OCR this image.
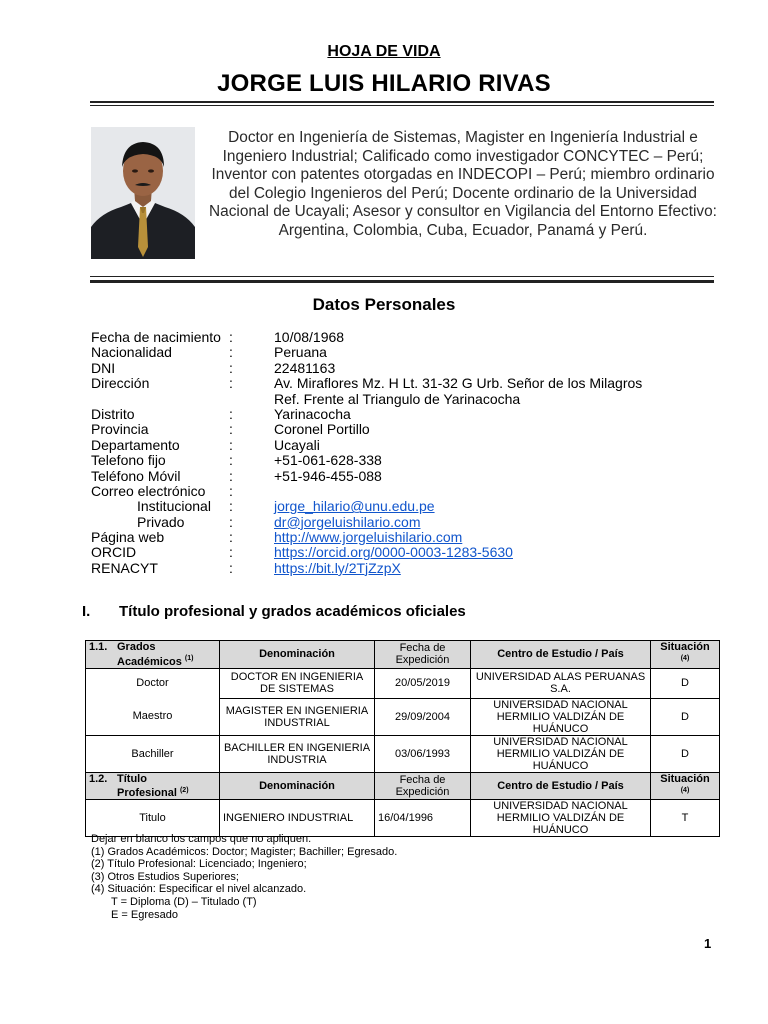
HOJA DE VIDA
JORGE LUIS HILARIO RIVAS
Doctor en Ingeniería de Sistemas, Magister en Ingeniería Industrial e Ingeniero Industrial; Calificado como investigador CONCYTEC – Perú; Inventor con patentes otorgadas en INDECOPI – Perú; miembro ordinario del Colegio Ingenieros del Perú; Docente ordinario de la Universidad Nacional de Ucayali; Asesor y consultor en Vigilancia del Entorno Efectivo: Argentina, Colombia, Cuba, Ecuador, Panamá y Perú.
Datos Personales
Fecha de nacimiento :	10/08/1968
Nacionalidad	:	Peruana
DNI	:	22481163
Dirección	:	Av. Miraflores Mz. H Lt. 31-32 G Urb. Señor de los Milagros
Ref. Frente al Triangulo de Yarinacocha
Distrito	:	Yarinacocha
Provincia	:	Coronel Portillo
Departamento	:	Ucayali
Telefono fijo	:	+51-061-628-338
Teléfono Móvil	:	+51-946-455-088
Correo electrónico :
Institucional :	jorge_hilario@unu.edu.pe
Privado	:	dr@jorgeluishilario.com
Página web	:	http://www.jorgeluishilario.com
ORCID	:	https://orcid.org/0000-0003-1283-5630
RENACYT	:	https://bit.ly/2TjZzpX
I. Título profesional y grados académicos oficiales
1.1. Grados
Académicos $^{(1)}$	Denominación	Fecha de Expedición	Centro de Estudio / País	Situación
$^{(4)}$
Doctor	DOCTOR EN INGENIERIA DE SISTEMAS	20/05/2019	UNIVERSIDAD ALAS PERUANAS S.A.	D
Maestro	MAGISTER EN INGENIERIA INDUSTRIAL	29/09/2004	UNIVERSIDAD NACIONAL HERMILIO VALDIZÁN DE HUÁNUCO	D
Bachiller	BACHILLER EN INGENIERIA INDUSTRIA	03/06/1993	UNIVERSIDAD NACIONAL HERMILIO VALDIZÁN DE HUÁNUCO	D
1.2. Título
Profesional $^{(2)}$	Denominación	Fecha de Expedición	Centro de Estudio / País	Situación
$^{(4)}$
Titulo	INGENIERO INDUSTRIAL	16/04/1996	UNIVERSIDAD NACIONAL HERMILIO VALDIZÁN DE HUÁNUCO	T
Dejar en blanco los campos que no apliquen.
(1) Grados Académicos: Doctor; Magister; Bachiller; Egresado.
(2) Título Profesional: Licenciado; Ingeniero;
(3) Otros Estudios Superiores;
(4) Situación: Especificar el nivel alcanzado.
T = Diploma (D) – Titulado (T)
E = Egresado
1
